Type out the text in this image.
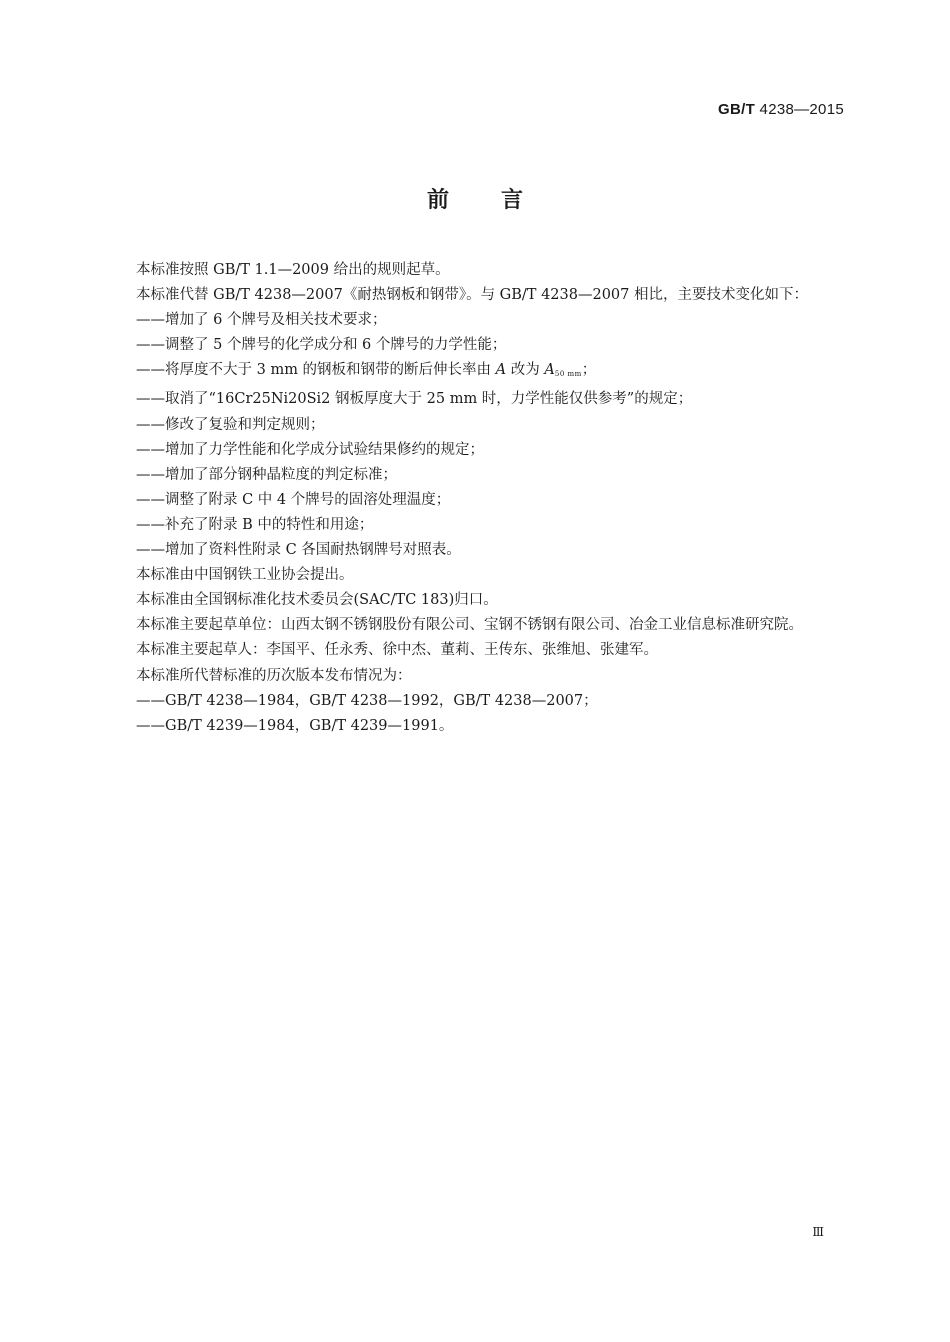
GB/T 4238—2015
前言

本标准按照 GB/T 1.1—2009 给出的规则起草。

本标准代替 GB/T 4238—2007《耐热钢板和钢带》。与 GB/T 4238—2007 相比，主要技术变化如下：

——增加了 6 个牌号及相关技术要求；

——调整了 5 个牌号的化学成分和 6 个牌号的力学性能；

——将厚度不大于 3 mm 的钢板和钢带的断后伸长率由 A 改为 $A_{50 mm}$；

——取消了“16Cr25Ni20Si2 钢板厚度大于 25 mm 时，力学性能仅供参考”的规定；

——修改了复验和判定规则；

——增加了力学性能和化学成分试验结果修约的规定；

——增加了部分钢种晶粒度的判定标准；

——调整了附录 C 中 4 个牌号的固溶处理温度；

——补充了附录 B 中的特性和用途；

——增加了资料性附录 C 各国耐热钢牌号对照表。

本标准由中国钢铁工业协会提出。

本标准由全国钢标准化技术委员会(SAC/TC 183)归口。

本标准主要起草单位：山西太钢不锈钢股份有限公司、宝钢不锈钢有限公司、冶金工业信息标准研究院。

本标准主要起草人：李国平、任永秀、徐中杰、董莉、王传东、张维旭、张建军。

本标准所代替标准的历次版本发布情况为：

——GB/T 4238—1984，GB/T 4238—1992，GB/T 4238—2007；

——GB/T 4239—1984，GB/T 4239—1991。

Ⅲ
